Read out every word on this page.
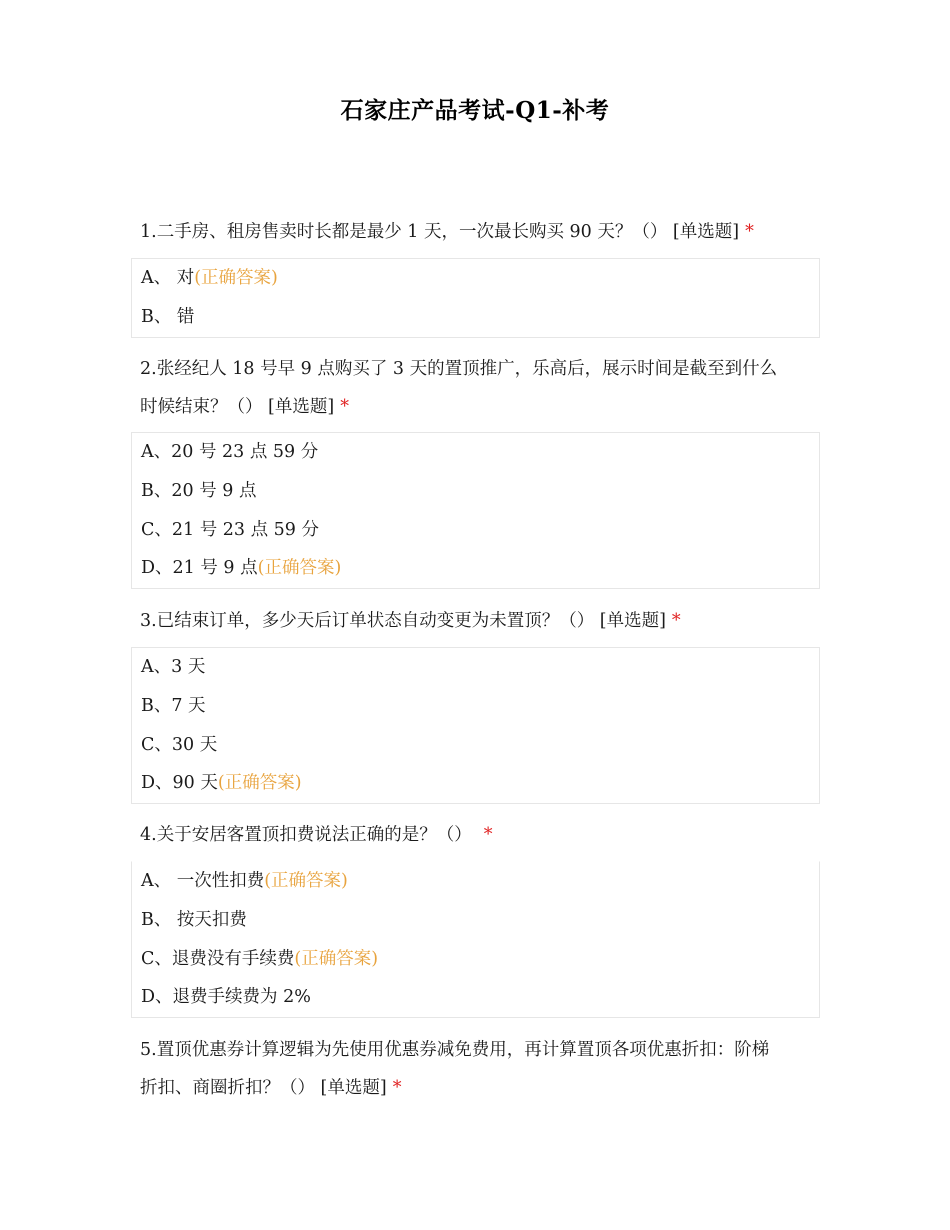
石家庄产品考试-Q1-补考
1.二手房、租房售卖时长都是最少 1 天，一次最长购买 90 天？（） [单选题] *
A、 对(正确答案)
B、 错
2.张经纪人 18 号早 9 点购买了 3 天的置顶推广，乐高后，展示时间是截至到什么
时候结束？（） [单选题] *
A、20 号 23 点 59 分
B、20 号 9 点
C、21 号 23 点 59 分
D、21 号 9 点(正确答案)
3.已结束订单，多少天后订单状态自动变更为未置顶？（） [单选题] *
A、3 天
B、7 天
C、30 天
D、90 天(正确答案)
4.关于安居客置顶扣费说法正确的是？（） *
A、 一次性扣费(正确答案)
B、 按天扣费
C、退费没有手续费(正确答案)
D、退费手续费为 2%
5.置顶优惠券计算逻辑为先使用优惠券减免费用，再计算置顶各项优惠折扣：阶梯
折扣、商圈折扣？（） [单选题] *
